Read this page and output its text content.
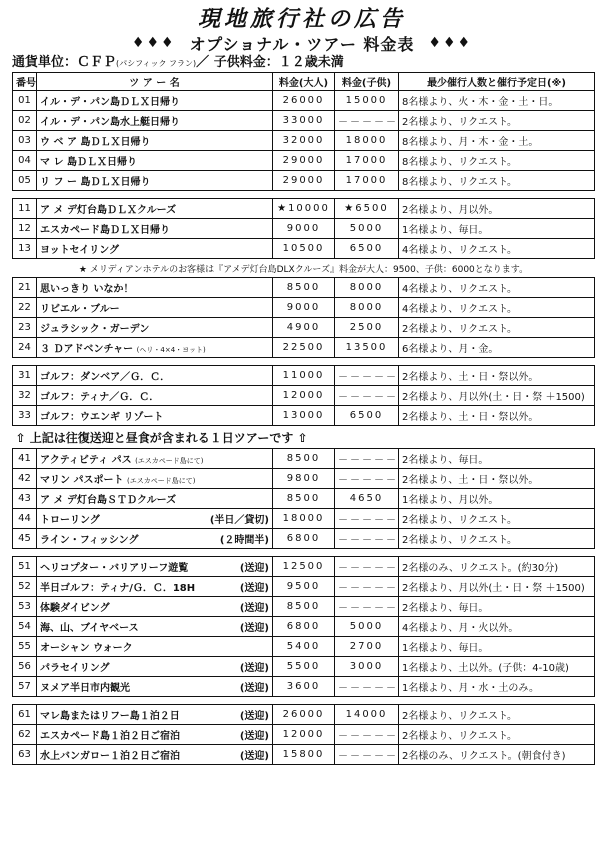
現地旅行社の広告
♦♦♦ オプショナル・ツアー 料金表 ♦♦♦
通貨単位：ＣＦＰ(パシフィック フラン)／ 子供料金：１２歳未満
番号	ツ ア ー 名	料金(大人)	料金(子供)	最少催行人数と催行予定日(※)
01	イル・デ・パン島ＤＬＸ日帰り	26000	15000	8名様より、火・木・金・土・日。
02	イル・デ・パン島水上艇日帰り	33000	－－－－－	2名様より、リクエスト。
03	ウ ベ ア 島ＤＬＸ日帰り	32000	18000	8名様より、月・木・金・土。
04	マ レ 島ＤＬＸ日帰り	29000	17000	8名様より、リクエスト。
05	リ フ ー 島ＤＬＸ日帰り	29000	17000	8名様より、リクエスト。

11	ア メ デ灯台島ＤＬＸクルーズ	★10000	★6500	2名様より、月以外。
12	エスカペード島ＤＬＸ日帰り	9000	5000	1名様より、毎日。
13	ヨットセイリング	10500	6500	4名様より、リクエスト。
★ メリディアンホテルのお客様は『アメデ灯台島DLXクルーズ』料金が大人：9500、子供：6000となります。				
21	思いっきり いなか！	8500	8000	4名様より、リクエスト。
22	リビエル・ブルー	9000	8000	4名様より、リクエスト。
23	ジュラシック・ガーデン	4900	2500	2名様より、リクエスト。
24	３ Ｄアドベンチャー (ヘリ・4×4・ヨット)	22500	13500	6名様より、月・金。

31	ゴルフ：ダンベア／Ｇ．Ｃ．	11000	－－－－－	2名様より、土・日・祭以外。
32	ゴルフ：ティナ／Ｇ．Ｃ．	12000	－－－－－	2名様より、月以外(土・日・祭 ＋1500)
33	ゴルフ：ウエンギ リゾート	13000	6500	2名様より、土・日・祭以外。
⇧ 上記は往復送迎と昼食が含まれる１日ツアーです ⇧				
41	アクティビティ パス (エスカペード島にて)	8500	－－－－－	2名様より、毎日。
42	マリン パスポート (エスカペード島にて)	9800	－－－－－	2名様より、土・日・祭以外。
43	ア メ デ灯台島ＳＴＤクルーズ	8500	4650	1名様より、月以外。
44	トローリング (半日／貸切)	18000	－－－－－	2名様より、リクエスト。
45	ライン・フィッシング (２時間半)	6800	－－－－－	2名様より、リクエスト。

51	ヘリコプター・バリアリーフ遊覧 (送迎)	12500	－－－－－	2名様のみ、リクエスト。(約30分)
52	半日ゴルフ：ティナ/Ｇ．Ｃ．18H (送迎)	9500	－－－－－	2名様より、月以外(土・日・祭 ＋1500)
53	体験ダイビング (送迎)	8500	－－－－－	2名様より、毎日。
54	海、山、ブイヤベース (送迎)	6800	5000	4名様より、月・火以外。
55	オーシャン ウォーク	5400	2700	1名様より、毎日。
56	パラセイリング (送迎)	5500	3000	1名様より、土以外。(子供：4-10歳)
57	ヌメア半日市内観光 (送迎)	3600	－－－－－	1名様より、月・水・土のみ。

61	マレ島またはリフー島１泊２日 (送迎)	26000	14000	2名様より、リクエスト。
62	エスカペード島１泊２日ご宿泊 (送迎)	12000	－－－－－	2名様より、リクエスト。
63	水上バンガロー１泊２日ご宿泊 (送迎)	15800	－－－－－	2名様のみ、リクエスト。(朝食付き)
